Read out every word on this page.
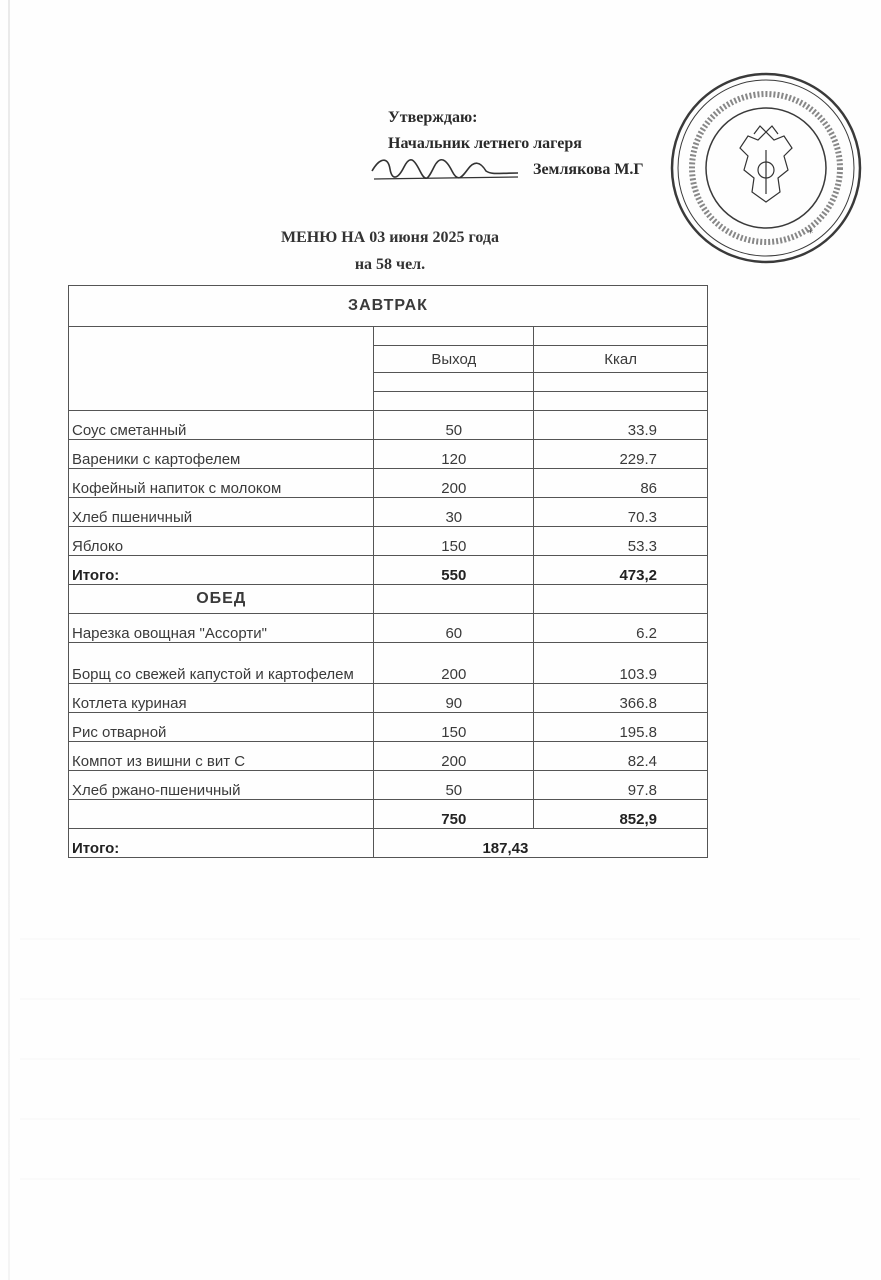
Утверждаю:
Начальник летнего лагеря
Землякова М.Г
*
МЕНЮ НА 03 июня 2025 года
на 58 чел.
ЗАВТРАК		

	Выход	Ккал

Соус сметанный	50	33.9
Вареники с картофелем	120	229.7
Кофейный напиток с молоком	200	86
Хлеб пшеничный	30	70.3
Яблоко	150	53.3
Итого:	550	473,2
ОБЕД		
Нарезка овощная "Ассорти"	60	6.2
Борщ со свежей капустой и картофелем	200	103.9
Котлета куриная	90	366.8
Рис отварной	150	195.8
Компот из вишни с вит С	200	82.4
Хлеб ржано-пшеничный	50	97.8
	750	852,9
Итого:	187,43	
